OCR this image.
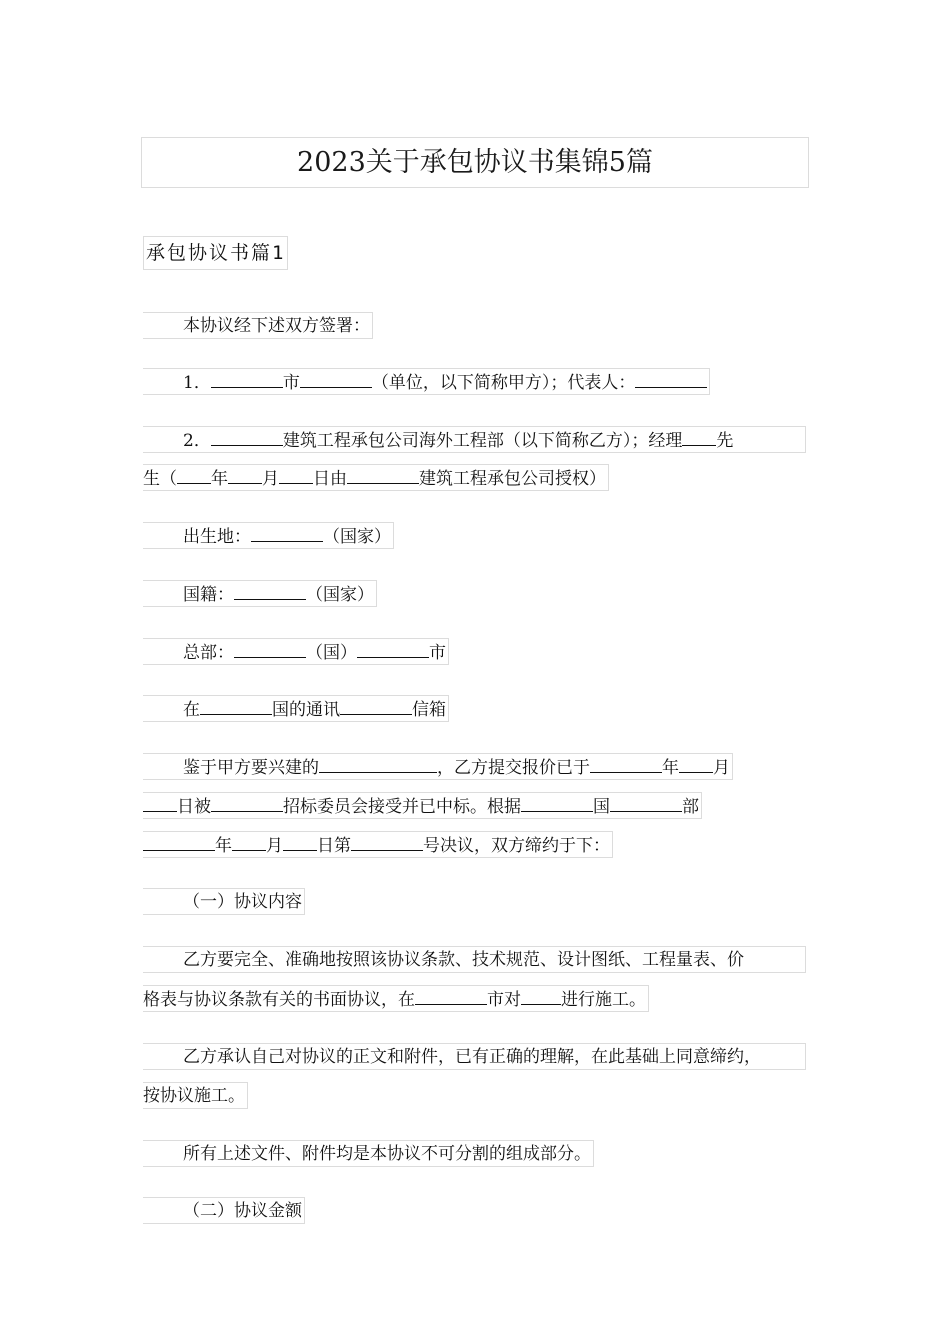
2023关于承包协议书集锦5篇
承包协议书篇1
本协议经下述双方签署：
1．	市	（单位，以下简称甲方）；代表人：
2．	建筑工程承包公司海外工程部（以下简称乙方）；经理 先
生（ 年 月 日由	建筑工程承包公司授权）
出生地：	（国家）
国籍：	（国家）
总部：	（国）	市
在	国的通讯	信箱
鉴于甲方要兴建的	，乙方提交报价已于	年 月
日被	招标委员会接受并已中标。根据	国	部
年 月 日第	号决议，双方缔约于下：
（一）协议内容
乙方要完全、准确地按照该协议条款、技术规范、设计图纸、工程量表、价
格表与协议条款有关的书面协议，在	市对 进行施工。
乙方承认自己对协议的正文和附件，已有正确的理解，在此基础上同意缔约，
按协议施工。
所有上述文件、附件均是本协议不可分割的组成部分。
（二）协议金额
